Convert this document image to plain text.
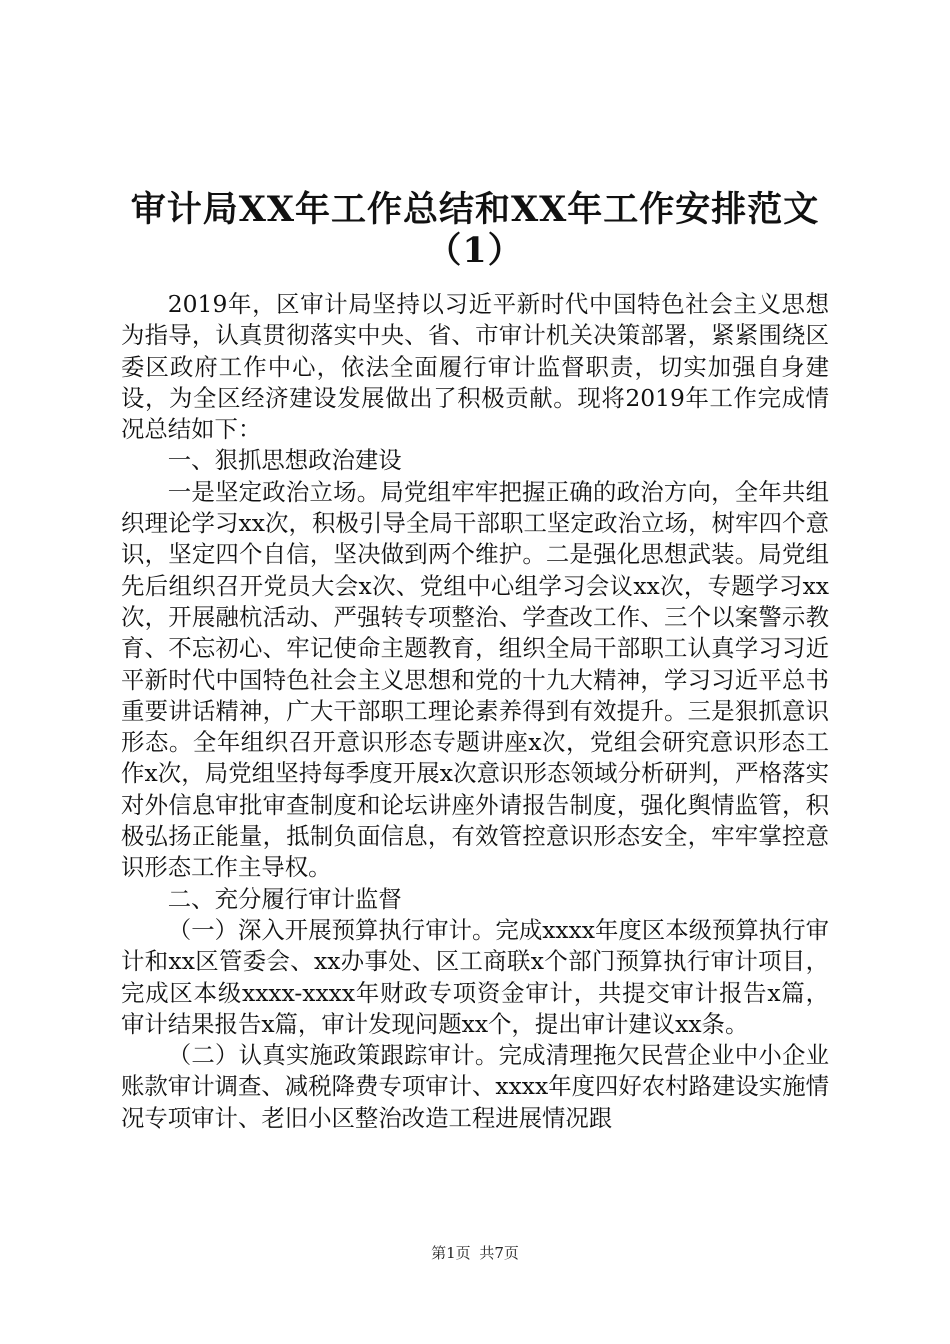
审计局XX年工作总结和XX年工作安排范文
（1）

2019年，区审计局坚持以习近平新时代中国特色社会主义思想为指导，认真贯彻落实中央、省、市审计机关决策部署，紧紧围绕区委区政府工作中心，依法全面履行审计监督职责，切实加强自身建设，为全区经济建设发展做出了积极贡献。现将2019年工作完成情况总结如下：

一、狠抓思想政治建设

一是坚定政治立场。局党组牢牢把握正确的政治方向，全年共组织理论学习xx次，积极引导全局干部职工坚定政治立场，树牢四个意识，坚定四个自信，坚决做到两个维护。二是强化思想武装。局党组先后组织召开党员大会x次、党组中心组学习会议xx次，专题学习xx次，开展融杭活动、严强转专项整治、学查改工作、三个以案警示教育、不忘初心、牢记使命主题教育，组织全局干部职工认真学习习近平新时代中国特色社会主义思想和党的十九大精神，学习习近平总书重要讲话精神，广大干部职工理论素养得到有效提升。三是狠抓意识形态。全年组织召开意识形态专题讲座x次，党组会研究意识形态工作x次，局党组坚持每季度开展x次意识形态领域分析研判，严格落实对外信息审批审查制度和论坛讲座外请报告制度，强化舆情监管，积极弘扬正能量，抵制负面信息，有效管控意识形态安全，牢牢掌控意识形态工作主导权。

二、充分履行审计监督

（一）深入开展预算执行审计。完成xxxx年度区本级预算执行审计和xx区管委会、xx办事处、区工商联x个部门预算执行审计项目，完成区本级xxxx-xxxx年财政专项资金审计，共提交审计报告x篇，审计结果报告x篇，审计发现问题xx个，提出审计建议xx条。

（二）认真实施政策跟踪审计。完成清理拖欠民营企业中小企业账款审计调查、减税降费专项审计、xxxx年度四好农村路建设实施情况专项审计、老旧小区整治改造工程进展情况跟

第1页 共7页
